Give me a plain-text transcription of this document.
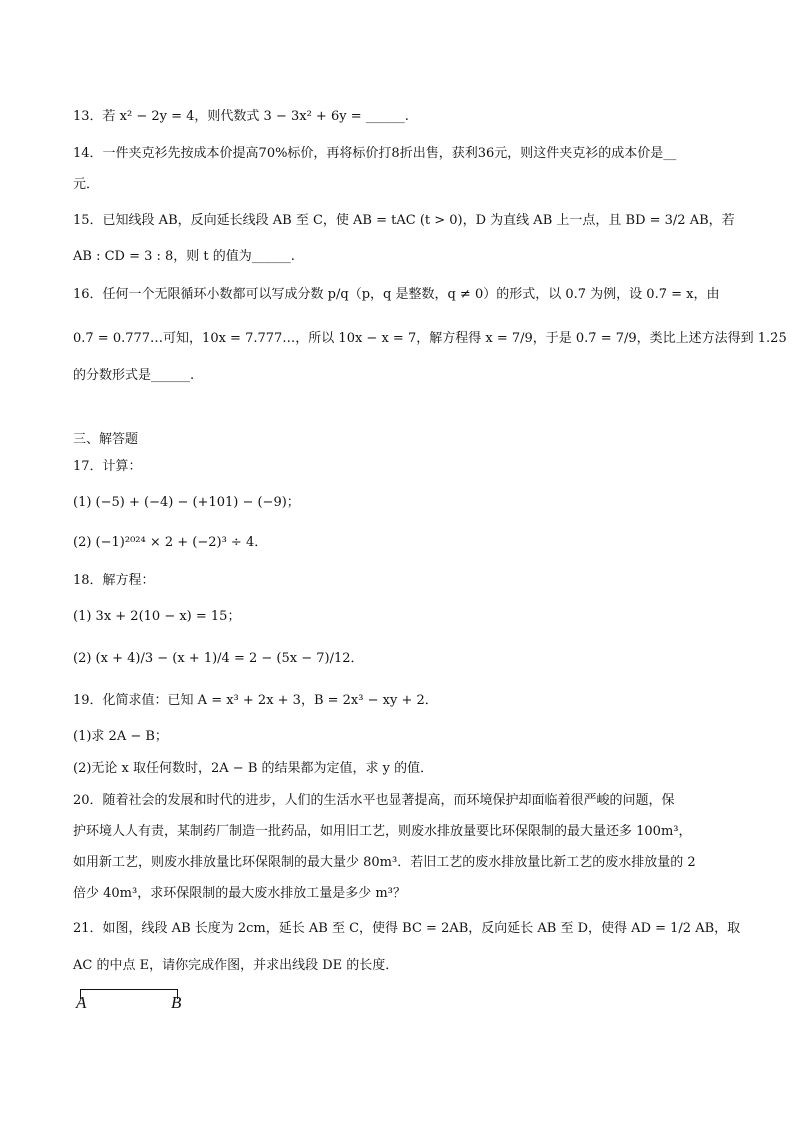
13．若 x² − 2y = 4，则代数式 3 − 3x² + 6y = ______.
14．一件夹克衫先按成本价提高70%标价，再将标价打8折出售，获利36元，则这件夹克衫的成本价是__
元．
15．已知线段 AB，反向延长线段 AB 至 C，使 AB = tAC (t > 0)，D 为直线 AB 上一点，且 BD = 3/2 AB，若
AB : CD = 3 : 8，则 t 的值为______.
16．任何一个无限循环小数都可以写成分数 p/q（p，q 是整数，q ≠ 0）的形式，以 0.7̇ 为例，设 0.7̇ = x，由
0.7̇ = 0.777…可知，10x = 7.777…，所以 10x − x = 7，解方程得 x = 7/9，于是 0.7̇ = 7/9，类比上述方法得到 1.2̇5̇
的分数形式是______.
三、解答题
17．计算：
(1) (−5) + (−4) − (+101) − (−9)；
(2) (−1)²⁰²⁴ × 2 + (−2)³ ÷ 4．
18．解方程：
(1) 3x + 2(10 − x) = 15；
(2) (x + 4)/3 − (x + 1)/4 = 2 − (5x − 7)/12．
19．化简求值：已知 A = x³ + 2x + 3，B = 2x³ − xy + 2．
(1)求 2A − B；
(2)无论 x 取任何数时，2A − B 的结果都为定值，求 y 的值．
20．随着社会的发展和时代的进步，人们的生活水平也显著提高，而环境保护却面临着很严峻的问题，保
护环境人人有责，某制药厂制造一批药品，如用旧工艺，则废水排放量要比环保限制的最大量还多 100m³，
如用新工艺，则废水排放量比环保限制的最大量少 80m³．若旧工艺的废水排放量比新工艺的废水排放量的 2
倍少 40m³，求环保限制的最大废水排放工量是多少 m³？
21．如图，线段 AB 长度为 2cm，延长 AB 至 C，使得 BC = 2AB，反向延长 AB 至 D，使得 AD = 1/2 AB，取
AC 的中点 E，请你完成作图，并求出线段 DE 的长度．
A	B
